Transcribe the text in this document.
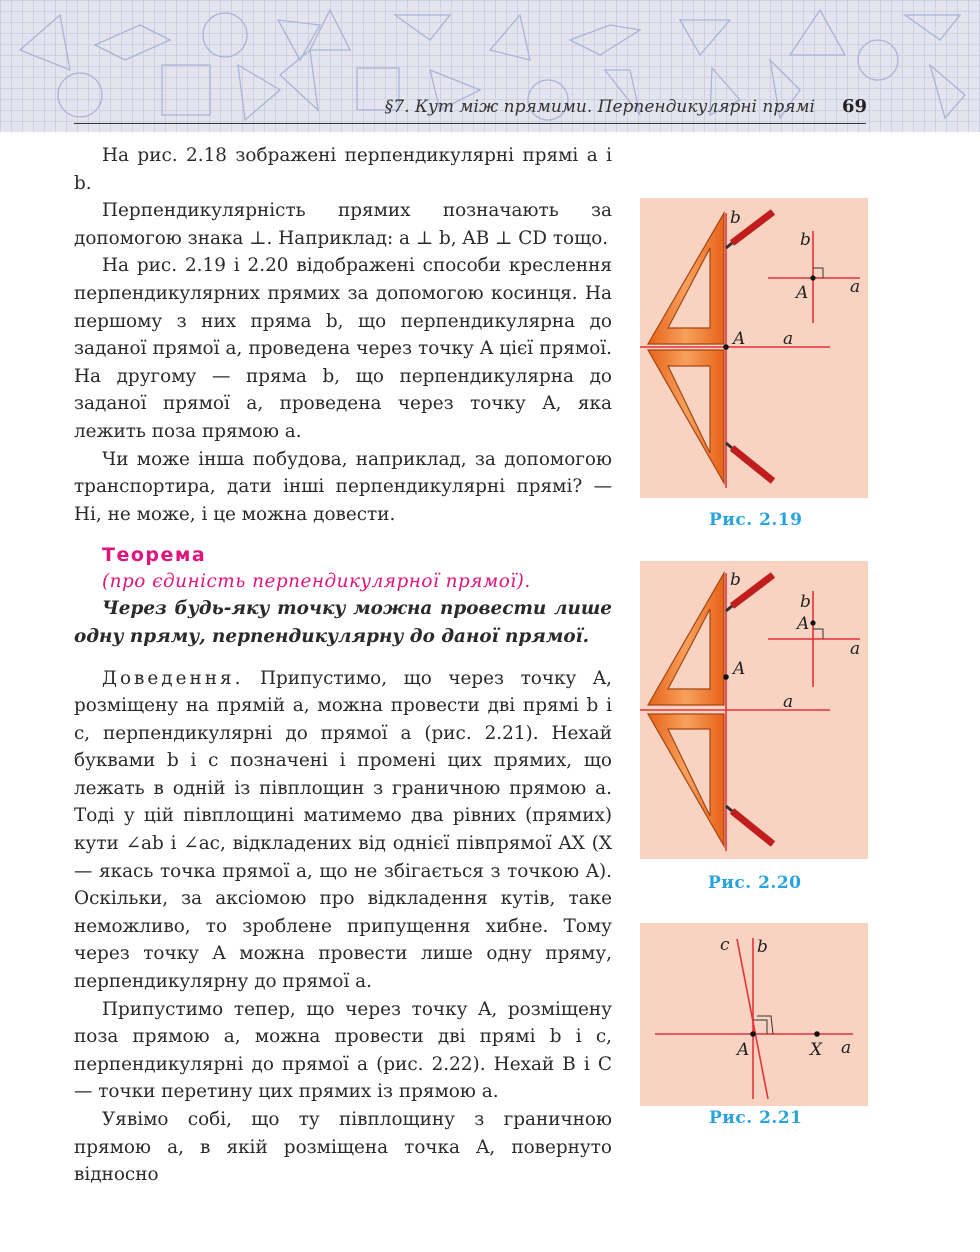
§7. Кут між прямими. Перпендикулярні прямі 69

На рис. 2.18 зображені перпендикулярні прямі a і b.

Перпендикулярність прямих позначають за допомогою знака ⊥. Наприклад: a ⊥ b, AB ⊥ CD тощо.

На рис. 2.19 і 2.20 відображені способи креслення перпендикулярних прямих за допомогою косинця. На першому з них пряма b, що перпендикулярна до заданої прямої a, проведена через точку A цієї прямої. На другому — пряма b, що перпендикулярна до заданої прямої a, проведена через точку A, яка лежить поза прямою a.

Чи може інша побудова, наприклад, за допомогою транспортира, дати інші перпендикулярні прямі? — Ні, не може, і це можна довести.

Теорема

(про єдиність перпендикулярної прямої).

Через будь-яку точку можна провести лише одну пряму, перпендикулярну до даної прямої.

Доведення. Припустимо, що через точку A, розміщену на прямій a, можна провести дві прямі b і c, перпендикулярні до прямої a (рис. 2.21). Нехай буквами b і c позначені і промені цих прямих, що лежать в одній із півплощин з граничною прямою a. Тоді у цій півплощині матимемо два рівних (прямих) кути ∠ab і ∠ac, відкладених від однієї півпрямої AX (X — якась точка прямої a, що не збігається з точкою A). Оскільки, за аксіомою про відкладення кутів, таке неможливо, то зроблене припущення хибне. Тому через точку A можна провести лише одну пряму, перпендикулярну до прямої a.

Припустимо тепер, що через точку A, розміщену поза прямою a, можна провести дві прямі b і c, перпендикулярні до прямої a (рис. 2.22). Нехай B і C — точки перетину цих прямих із прямою a.

Уявімо собі, що ту півплощину з граничною прямою a, в якій розміщена точка A, повернуто відносно

b
A a
b
A a
Рис. 2.19
b
A
a
b
A
a
Рис. 2.20
c b
A	X a
Рис. 2.21
